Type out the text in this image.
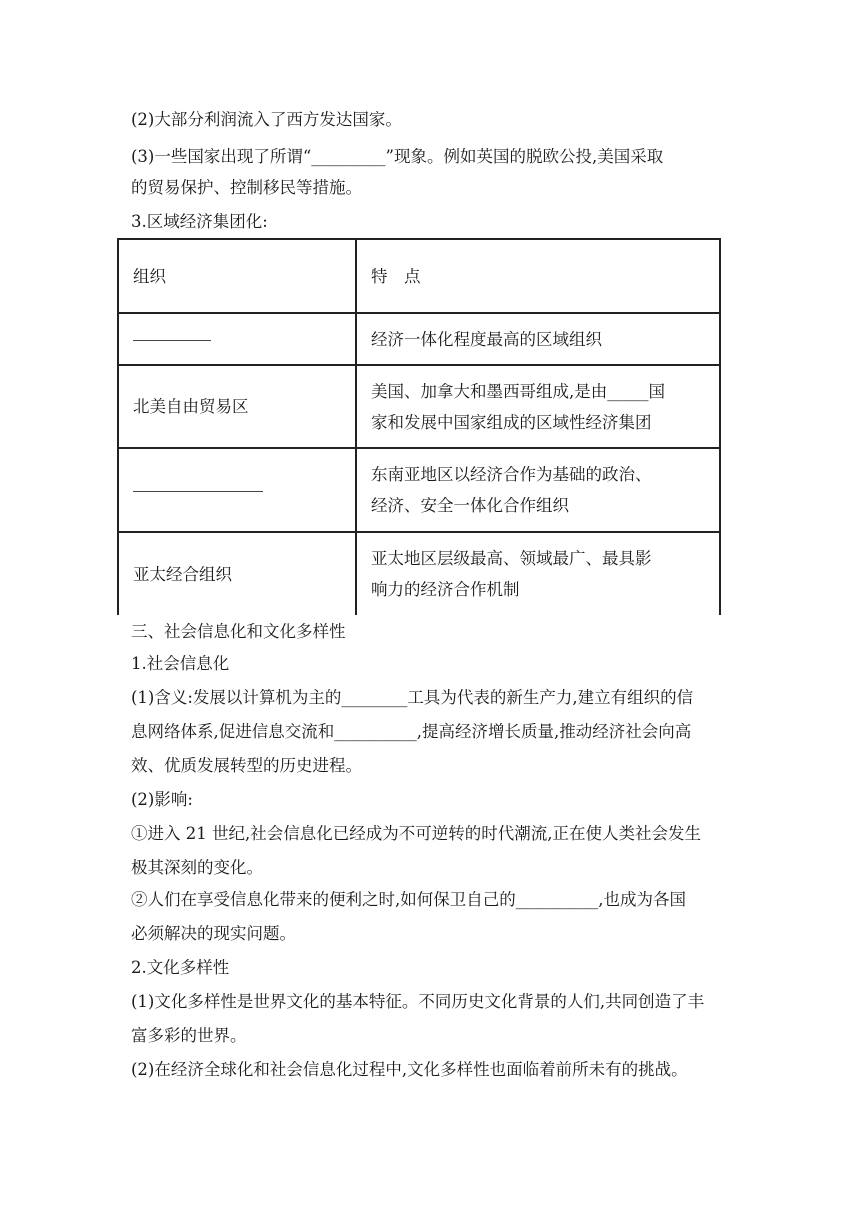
(2)大部分利润流入了西方发达国家。
(3)一些国家出现了所谓“_________”现象。例如英国的脱欧公投,美国采取
的贸易保护、控制移民等措施。
3.区域经济集团化:
组织	特　点

	经济一体化程度最高的区域组织

北美自由贸易区	美国、加拿大和墨西哥组成,是由_____国
家和发展中国家组成的区域性经济集团

	东南亚地区以经济合作为基础的政治、
经济、安全一体化合作组织

亚太经合组织	亚太地区层级最高、领域最广、最具影
响力的经济合作机制
三、社会信息化和文化多样性
1.社会信息化
(1)含义:发展以计算机为主的________工具为代表的新生产力,建立有组织的信
息网络体系,促进信息交流和__________,提高经济增长质量,推动经济社会向高
效、优质发展转型的历史进程。
(2)影响:
①进入 21 世纪,社会信息化已经成为不可逆转的时代潮流,正在使人类社会发生
极其深刻的变化。
②人们在享受信息化带来的便利之时,如何保卫自己的__________,也成为各国
必须解决的现实问题。
2.文化多样性
(1)文化多样性是世界文化的基本特征。不同历史文化背景的人们,共同创造了丰
富多彩的世界。
(2)在经济全球化和社会信息化过程中,文化多样性也面临着前所未有的挑战。
